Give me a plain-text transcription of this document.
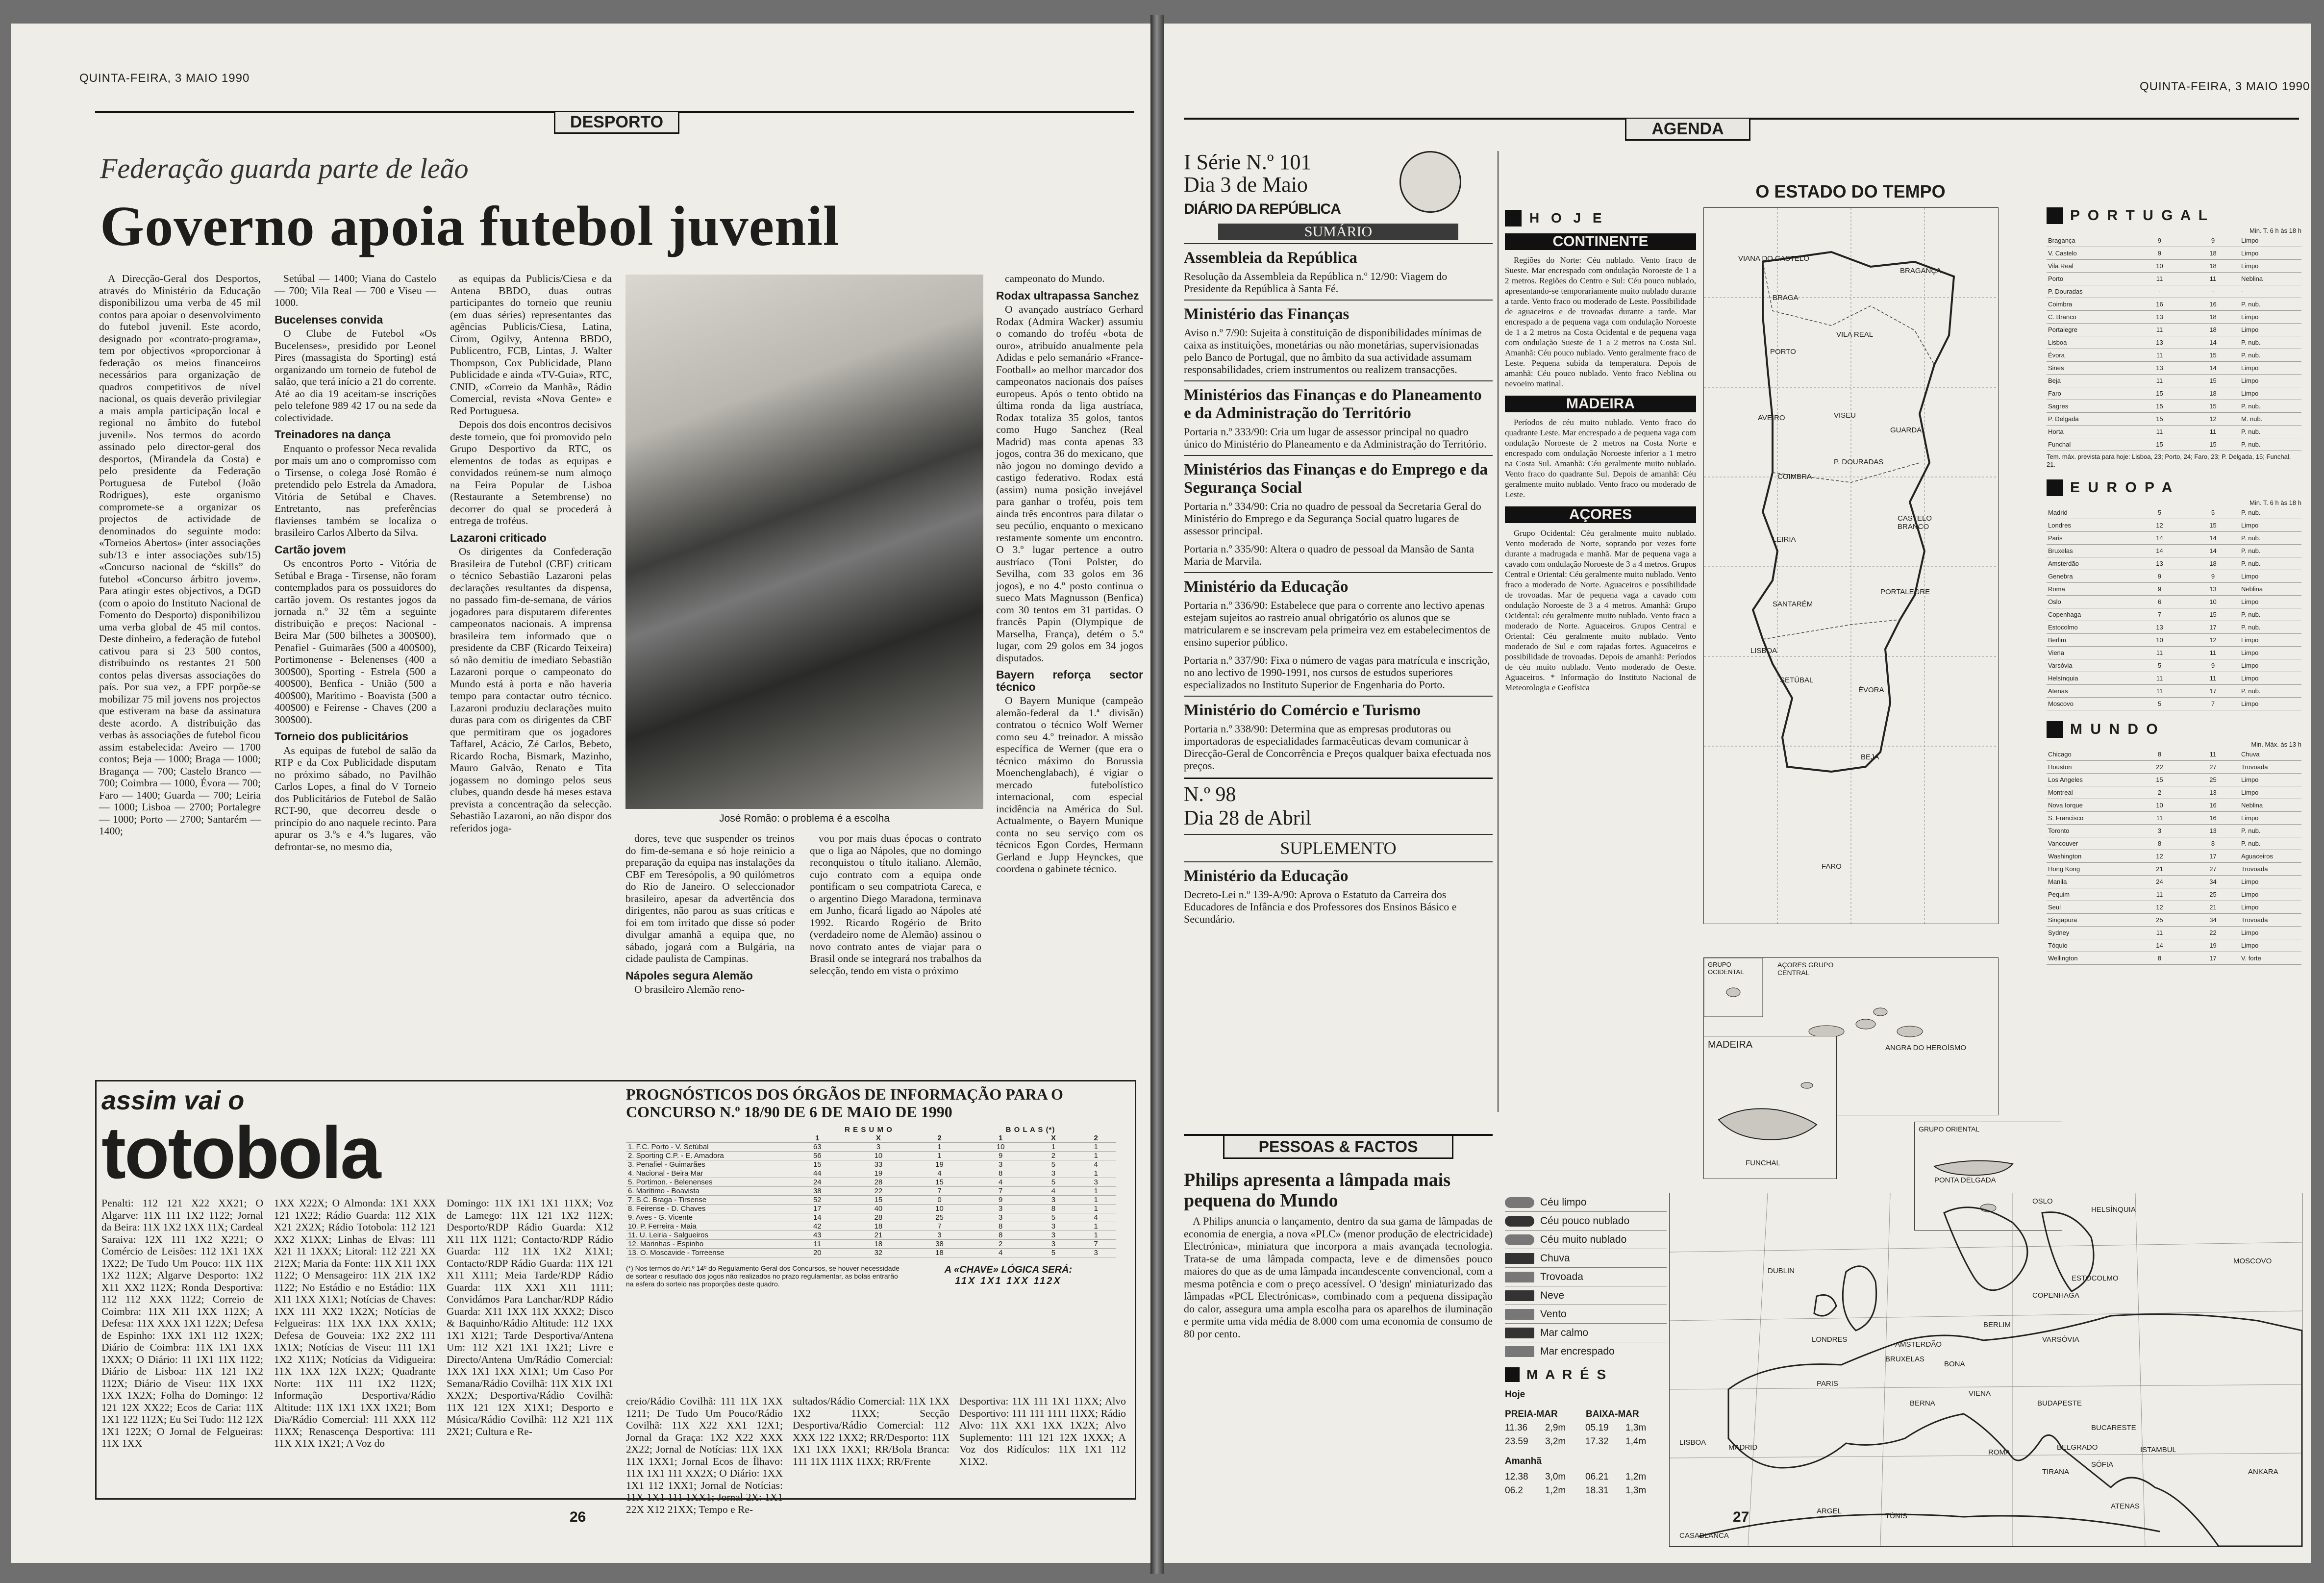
QUINTA-FEIRA, 3 MAIO 1990
DESPORTO
Federação guarda parte de leão
Governo apoia futebol juvenil

A Direcção-Geral dos Desportos, através do Ministério da Educação disponibilizou uma verba de 45 mil contos para apoiar o desenvolvimento do futebol juvenil. Este acordo, designado por «contrato-programa», tem por objectivos «proporcionar à federação os meios financeiros necessários para organização de quadros competitivos de nível nacional, os quais deverão privilegiar a mais ampla participação local e regional no âmbito do futebol juvenil». Nos termos do acordo assinado pelo director-geral dos desportos, (Mirandela da Costa) e pelo presidente da Federação Portuguesa de Futebol (João Rodrigues), este organismo compromete-se a organizar os projectos de actividade de denominados do seguinte modo: «Torneios Abertos» (inter associações sub/13 e inter associações sub/15) «Concurso nacional de “skills” do futebol «Concurso árbitro jovem». Para atingir estes objectivos, a DGD (com o apoio do Instituto Nacional de Fomento do Desporto) disponibilizou uma verba global de 45 mil contos. Deste dinheiro, a federação de futebol cativou para si 23 500 contos, distribuindo os restantes 21 500 contos pelas diversas associações do país. Por sua vez, a FPF porpõe-se mobilizar 75 mil jovens nos projectos que estiveram na base da assinatura deste acordo. A distribuição das verbas às associações de futebol ficou assim estabelecida: Aveiro — 1700 contos; Beja — 1000; Braga — 1000; Bragança — 700; Castelo Branco — 700; Coimbra — 1000, Évora — 700; Faro — 1400; Guarda — 700; Leiria — 1000; Lisboa — 2700; Portalegre — 1000; Porto — 2700; Santarém — 1400;

Setúbal — 1400; Viana do Castelo — 700; Vila Real — 700 e Viseu — 1000.

Bucelenses convida

O Clube de Futebol «Os Bucelenses», presidido por Leonel Pires (massagista do Sporting) está organizando um torneio de futebol de salão, que terá início a 21 do corrente. Até ao dia 19 aceitam-se inscrições pelo telefone 989 42 17 ou na sede da colectividade.

Treinadores na dança

Enquanto o professor Neca revalida por mais um ano o compromisso com o Tirsense, o colega José Romão é pretendido pelo Estrela da Amadora, Vitória de Setúbal e Chaves. Entretanto, nas preferências flavienses também se localiza o brasileiro Carlos Alberto da Silva.

Cartão jovem

Os encontros Porto - Vitória de Setúbal e Braga - Tirsense, não foram contemplados para os possuidores do cartão jovem. Os restantes jogos da jornada n.º 32 têm a seguinte distribuição e preços: Nacional - Beira Mar (500 bilhetes a 300$00), Penafiel - Guimarães (500 a 400$00), Portimonense - Belenenses (400 a 300$00), Sporting - Estrela (500 a 400$00), Benfica - União (500 a 400$00), Marítimo - Boavista (500 a 400$00) e Feirense - Chaves (200 a 300$00).

Torneio dos publicitários

As equipas de futebol de salão da RTP e da Cox Publicidade disputam no próximo sábado, no Pavilhão Carlos Lopes, a final do V Torneio dos Publicitários de Futebol de Salão RCT-90, que decorreu desde o princípio do ano naquele recinto. Para apurar os 3.ºs e 4.ºs lugares, vão defrontar-se, no mesmo dia,

as equipas da Publicis/Ciesa e da Antena BBDO, duas outras participantes do torneio que reuniu (em duas séries) representantes das agências Publicis/Ciesa, Latina, Cirom, Ogilvy, Antenna BBDO, Publicentro, FCB, Lintas, J. Walter Thompson, Cox Publicidade, Plano Publicidade e ainda «TV-Guia», RTC, CNID, «Correio da Manhã», Rádio Comercial, revista «Nova Gente» e Red Portuguesa.

Depois dos dois encontros decisivos deste torneio, que foi promovido pelo Grupo Desportivo da RTC, os elementos de todas as equipas e convidados reúnem-se num almoço na Feira Popular de Lisboa (Restaurante a Setembrense) no decorrer do qual se procederá à entrega de troféus.

Lazaroni criticado

Os dirigentes da Confederação Brasileira de Futebol (CBF) criticam o técnico Sebastião Lazaroni pelas declarações resultantes da dispensa, no passado fim-de-semana, de vários jogadores para disputarem diferentes campeonatos nacionais. A imprensa brasileira tem informado que o presidente da CBF (Ricardo Teixeira) só não demitiu de imediato Sebastião Lazaroni porque o campeonato do Mundo está à porta e não haveria tempo para contactar outro técnico. Lazaroni produziu declarações muito duras para com os dirigentes da CBF que permitiram que os jogadores Taffarel, Acácio, Zé Carlos, Bebeto, Ricardo Rocha, Bismark, Mazinho, Mauro Galvão, Renato e Tita jogassem no domingo pelos seus clubes, quando desde há meses estava prevista a concentração da selecção. Sebastião Lazaroni, ao não dispor dos referidos joga-

José Romão: o problema é a escolha

dores, teve que suspender os treinos do fim-de-semana e só hoje reinicio a preparação da equipa nas instalações da CBF em Teresópolis, a 90 quilómetros do Rio de Janeiro. O seleccionador brasileiro, apesar da advertência dos dirigentes, não parou as suas críticas e foi em tom irritado que disse só poder divulgar amanhã a equipa que, no sábado, jogará com a Bulgária, na cidade paulista de Campinas.

Nápoles segura Alemão

O brasileiro Alemão reno-

vou por mais duas épocas o contrato que o liga ao Nápoles, que no domingo reconquistou o título italiano. Alemão, cujo contrato com a equipa onde pontificam o seu compatriota Careca, e o argentino Diego Maradona, terminava em Junho, ficará ligado ao Nápoles até 1992. Ricardo Rogério de Brito (verdadeiro nome de Alemão) assinou o novo contrato antes de viajar para o Brasil onde se integrará nos trabalhos da selecção, tendo em vista o próximo

campeonato do Mundo.

Rodax ultrapassa Sanchez

O avançado austríaco Gerhard Rodax (Admira Wacker) assumiu o comando do troféu «bota de ouro», atribuído anualmente pela Adidas e pelo semanário «France-Football» ao melhor marcador dos campeonatos nacionais dos países europeus. Após o tento obtido na última ronda da liga austríaca, Rodax totaliza 35 golos, tantos como Hugo Sanchez (Real Madrid) mas conta apenas 33 jogos, contra 36 do mexicano, que não jogou no domingo devido a castigo federativo. Rodax está (assim) numa posição invejável para ganhar o troféu, pois tem ainda três encontros para dilatar o seu pecúlio, enquanto o mexicano restamente somente um encontro. O 3.º lugar pertence a outro austríaco (Toni Polster, do Sevilha, com 33 golos em 36 jogos), e no 4.º posto continua o sueco Mats Magnusson (Benfica) com 30 tentos em 31 partidas. O francês Papin (Olympique de Marselha, França), detém o 5.º lugar, com 29 golos em 34 jogos disputados.

Bayern reforça sector técnico

O Bayern Munique (campeão alemão-federal da 1.ª divisão) contratou o técnico Wolf Werner como seu 4.º treinador. A missão específica de Werner (que era o técnico máximo do Borussia Moenchenglabach), é vigiar o mercado futebolístico internacional, com especial incidência na América do Sul. Actualmente, o Bayern Munique conta no seu serviço com os técnicos Egon Cordes, Hermann Gerland e Jupp Heynckes, que coordena o gabinete técnico.

assim vai o
totobola
PROGNÓSTICOS DOS ÓRGÃOS DE INFORMAÇÃO PARA O CONCURSO N.º 18/90 DE 6 DE MAIO DE 1990
R E S U M O	B O L A S (*)
	1	X	2	1	X	2
1. F.C. Porto - V. Setúbal	63	3	1	10	1	1
2. Sporting C.P. - E. Amadora	56	10	1	9	2	1
3. Penafiel - Guimarães	15	33	19	3	5	4
4. Nacional - Beira Mar	44	19	4	8	3	1
5. Portimon. - Belenenses	24	28	15	4	5	3
6. Marítimo - Boavista	38	22	7	7	4	1
7. S.C. Braga - Tirsense	52	15	0	9	3	1
8. Feirense - D. Chaves	17	40	10	3	8	1
9. Aves - G. Vicente	14	28	25	3	5	4
10. P. Ferreira - Maia	42	18	7	8	3	1
11. U. Leiria - Salgueiros	43	21	3	8	3	1
12. Marinhas - Espinho	11	18	38	2	3	7
13. O. Moscavide - Torreense	20	32	18	4	5	3
(*) Nos termos do Art.º 14º do Regulamento Geral dos Concursos, se houver necessidade de sortear o resultado dos jogos não realizados no prazo regulamentar, as bolas entrarão na esfera do sorteio nas proporções deste quadro.
A «CHAVE» LÓGICA SERÁ:
11X 1X1 1XX 112X

Penalti: 112 121 X22 XX21; O Algarve: 11X 111 1X2 1122; Jornal da Beira: 11X 1X2 1XX 11X; Cardeal Saraiva: 12X 111 1X2 X221; O Comércio de Leisões: 112 1X1 1XX 1X22; De Tudo Um Pouco: 11X 11X 1X2 112X; Algarve Desporto: 1X2 X11 XX2 112X; Ronda Desportiva: 112 112 XXX 1122; Correio de Coimbra: 11X X11 1XX 112X; A Defesa: 11X XXX 1X1 122X; Defesa de Espinho: 1XX 1X1 112 1X2X; Diário de Coimbra: 11X 1X1 1XX 1XXX; O Diário: 11 1X1 11X 1122; Diário de Lisboa: 11X 121 1X2 112X; Diário de Viseu: 11X 1XX 1XX 1X2X; Folha do Domingo: 12 121 12X XX22; Ecos de Caria: 11X 1X1 122 112X; Eu Sei Tudo: 112 12X 1X1 122X; O Jornal de Felgueiras: 11X 1XX

1XX X22X; O Almonda: 1X1 XXX 121 1X22; Rádio Guarda: 112 X1X X21 2X2X; Rádio Totobola: 112 121 XX2 X1XX; Linhas de Elvas: 111 X21 11 1XXX; Litoral: 112 221 XX 212X; Maria da Fonte: 11X X11 1XX 1122; O Mensageiro: 11X 21X 1X2 1122; No Estádio e no Estádio: 11X X11 1XX X1X1; Notícias de Chaves: 1XX 111 XX2 1X2X; Notícias de Felgueiras: 11X 1XX 1XX XX1X; Defesa de Gouveia: 1X2 2X2 111 1X1X; Notícias de Viseu: 111 1X1 1X2 X11X; Notícias da Vidigueira: 11X 1XX 12X 1X2X; Quadrante Norte: 11X 111 1X2 112X; Informação Desportiva/Rádio Altitude: 11X 1X1 1XX 1X21; Bom Dia/Rádio Comercial: 111 XXX 112 11XX; Renascença Desportiva: 111 11X X1X 1X21; A Voz do

Domingo: 11X 1X1 1X1 11XX; Voz de Lamego: 11X 121 1X2 112X; Desporto/RDP Rádio Guarda: X12 X11 11X 1121; Contacto/RDP Rádio Guarda: 112 11X 1X2 X1X1; Contacto/RDP Rádio Guarda: 11X 121 X11 X111; Meia Tarde/RDP Rádio Guarda: 11X XX1 X11 1111; Convidámos Para Lanchar/RDP Rádio Guarda: X11 1XX 11X XXX2; Disco & Baquinho/Rádio Altitude: 112 1XX 1X1 X121; Tarde Desportiva/Antena Um: 112 X21 1X1 1X21; Livre e Directo/Antena Um/Rádio Comercial: 1XX 1X1 1XX X1X1; Um Caso Por Semana/Rádio Covilhã: 11X X1X 1X1 XX2X; Desportiva/Rádio Covilhã: 11X 121 12X X1X1; Desporto e Música/Rádio Covilhã: 112 X21 11X 2X21; Cultura e Re-

creio/Rádio Covilhã: 111 11X 1XX 1211; De Tudo Um Pouco/Rádio Covilhã: 11X X22 XX1 12X1; Jornal da Graça: 1X2 X22 XXX 2X22; Jornal de Notícias: 11X 1XX 11X 1XX1; Jornal Ecos de Ílhavo: 11X 1X1 111 XX2X; O Diário: 1XX 1X1 112 1XX1; Jornal de Notícias: 11X 1X1 111 1XX1; Jornal 2X: 1X1 22X X12 21XX; Tempo e Re-

sultados/Rádio Comercial: 11X 1XX 1X2 11XX; Secção Desportiva/Rádio Comercial: 112 XXX 122 1XX2; RR/Desporto: 11X 1X1 1XX 1XX1; RR/Bola Branca: 111 11X 111X 11XX; RR/Frente

Desportiva: 11X 111 1X1 11XX; Alvo Desportivo: 111 111 1111 11XX; Rádio Alvo: 11X XX1 1XX 1X2X; Alvo Suplemento: 111 121 12X 1XXX; A Voz dos Ridículos: 11X 1X1 112 X1X2.

26
QUINTA-FEIRA, 3 MAIO 1990
AGENDA
I Série N.º 101
Dia 3 de Maio
DIÁRIO DA REPÚBLICA
SUMÁRIO
Assembleia da República
Resolução da Assembleia da República n.º 12/90: Viagem do Presidente da República à Santa Fé.
Ministério das Finanças
Aviso n.º 7/90: Sujeita à constituição de disponibilidades mínimas de caixa as instituições, monetárias ou não monetárias, supervisionadas pelo Banco de Portugal, que no âmbito da sua actividade assumam responsabilidades, criem instrumentos ou realizem transacções.
Ministérios das Finanças e do Planeamento e da Administração do Território
Portaria n.º 333/90: Cria um lugar de assessor principal no quadro único do Ministério do Planeamento e da Administração do Território.
Ministérios das Finanças e do Emprego e da Segurança Social
Portaria n.º 334/90: Cria no quadro de pessoal da Secretaria Geral do Ministério do Emprego e da Segurança Social quatro lugares de assessor principal.
Portaria n.º 335/90: Altera o quadro de pessoal da Mansão de Santa Maria de Marvila.
Ministério da Educação
Portaria n.º 336/90: Estabelece que para o corrente ano lectivo apenas estejam sujeitos ao rastreio anual obrigatório os alunos que se matricularem e se inscrevam pela primeira vez em estabelecimentos de ensino superior público.
Portaria n.º 337/90: Fixa o número de vagas para matrícula e inscrição, no ano lectivo de 1990-1991, nos cursos de estudos superiores especializados no Instituto Superior de Engenharia do Porto.
Ministério do Comércio e Turismo
Portaria n.º 338/90: Determina que as empresas produtoras ou importadoras de especialidades farmacêuticas devam comunicar à Direcção-Geral de Concorrência e Preços qualquer baixa efectuada nos preços.
N.º 98
Dia 28 de Abril
SUPLEMENTO
Ministério da Educação
Decreto-Lei n.º 139-A/90: Aprova o Estatuto da Carreira dos Educadores de Infância e dos Professores dos Ensinos Básico e Secundário.
PESSOAS & FACTOS
Philips apresenta a lâmpada mais pequena do Mundo

A Philips anuncia o lançamento, dentro da sua gama de lâmpadas de economia de energia, a nova «PLC» (menor produção de electricidade) Electrónica», miniatura que incorpora a mais avançada tecnologia. Trata-se de uma lâmpada compacta, leve e de dimensões pouco maiores do que as de uma lâmpada incandescente convencional, com a mesma potência e com o preço acessível. O 'design' miniaturizado das lâmpadas «PCL Electrónicas», combinado com a pequena dissipação do calor, assegura uma ampla escolha para os aparelhos de iluminação e permite uma vida média de 8.000 com uma economia de consumo de 80 por cento.

H O J E
CONTINENTE

Regiões do Norte: Céu nublado. Vento fraco de Sueste. Mar encrespado com ondulação Noroeste de 1 a 2 metros. Regiões do Centro e Sul: Céu pouco nublado, apresentando-se temporariamente muito nublado durante a tarde. Vento fraco ou moderado de Leste. Possibilidade de aguaceiros e de trovoadas durante a tarde. Mar encrespado a de pequena vaga com ondulação Noroeste de 1 a 2 metros na Costa Ocidental e de pequena vaga com ondulação Sueste de 1 a 2 metros na Costa Sul. Amanhã: Céu pouco nublado. Vento geralmente fraco de Leste. Pequena subida da temperatura. Depois de amanhã: Céu pouco nublado. Vento fraco Neblina ou nevoeiro matinal.

MADEIRA

Períodos de céu muito nublado. Vento fraco do quadrante Leste. Mar encrespado a de pequena vaga com ondulação Noroeste de 2 metros na Costa Norte e encrespado com ondulação Noroeste inferior a 1 metro na Costa Sul. Amanhã: Céu geralmente muito nublado. Vento fraco do quadrante Sul. Depois de amanhã: Céu geralmente muito nublado. Vento fraco ou moderado de Leste.

AÇORES

Grupo Ocidental: Céu geralmente muito nublado. Vento moderado de Norte, soprando por vezes forte durante a madrugada e manhã. Mar de pequena vaga a cavado com ondulação Noroeste de 3 a 4 metros. Grupos Central e Oriental: Céu geralmente muito nublado. Vento fraco a moderado de Norte. Aguaceiros e possibilidade de trovoadas. Mar de pequena vaga a cavado com ondulação Noroeste de 3 a 4 metros. Amanhã: Grupo Ocidental: céu geralmente muito nublado. Vento fraco a moderado de Norte. Aguaceiros. Grupos Central e Oriental: Céu geralmente muito nublado. Vento moderado de Sul e com rajadas fortes. Aguaceiros e possibilidade de trovoadas. Depois de amanhã: Períodos de céu muito nublado. Vento moderado de Oeste. Aguaceiros. * Informação do Instituto Nacional de Meteorologia e Geofísica

O ESTADO DO TEMPO
VIANA DO CASTELO
BRAGA
BRAGANÇA
VILA REAL
PORTO
AVEIRO	VISEU
GUARDA
COIMBRA
P. DOURADAS
CASTELO BRANCO
LEIRIA
PORTALEGRE
SANTARÉM
LISBOA
SETÚBAL
ÉVORA
BEJA
FARO
GRUPO OCIDENTAL
AÇORES GRUPO CENTRAL
ANGRA DO HEROÍSMO
MADEIRA
FUNCHAL
GRUPO ORIENTAL
PONTA DELGADA
P O R T U G A L
Min. T. 6 h às 18 h
Bragança	9	9	Limpo
V. Castelo	9	18	Limpo
Vila Real	10	18	Limpo
Porto	11	11	Neblina
P. Douradas	-	-	-
Coimbra	16	16	P. nub.
C. Branco	13	18	Limpo
Portalegre	11	18	Limpo
Lisboa	13	14	P. nub.
Évora	11	15	P. nub.
Sines	13	14	Limpo
Beja	11	15	Limpo
Faro	15	18	Limpo
Sagres	15	15	P. nub.
P. Delgada	15	12	M. nub.
Horta	11	11	P. nub.
Funchal	15	15	P. nub.
Tem. máx. prevista para hoje: Lisboa, 23; Porto, 24; Faro, 23; P. Delgada, 15; Funchal, 21.
E U R O P A
Min. T. 6 h às 18 h
Madrid	5	5	P. nub.
Londres	12	15	Limpo
Paris	14	14	P. nub.
Bruxelas	14	14	P. nub.
Amsterdão	13	18	P. nub.
Genebra	9	9	Limpo
Roma	9	13	Neblina
Oslo	6	10	Limpo
Copenhaga	7	15	P. nub.
Estocolmo	13	17	P. nub.
Berlim	10	12	Limpo
Viena	11	11	Limpo
Varsóvia	5	9	Limpo
Helsínquia	11	11	Limpo
Atenas	11	17	P. nub.
Moscovo	5	7	Limpo
M U N D O
Min. Máx. às 13 h
Chicago	8	11	Chuva
Houston	22	27	Trovoada
Los Angeles	15	25	Limpo
Montreal	2	13	Limpo
Nova Iorque	10	16	Neblina
S. Francisco	11	16	Limpo
Toronto	3	13	P. nub.
Vancouver	8	8	P. nub.
Washington	12	17	Aguaceiros
Hong Kong	21	27	Trovoada
Manila	24	34	Limpo
Pequim	11	25	Limpo
Seul	12	21	Limpo
Singapura	25	34	Trovoada
Sydney	11	22	Limpo
Tóquio	14	19	Limpo
Wellington	8	17	V. forte
Céu limpo
Céu pouco nublado
Céu muito nublado
Chuva
Trovoada
Neve
Vento
Mar calmo
Mar encrespado
M A R É S
Hoje
PREIA-MAR	BAIXA-MAR
11.36	2,9m	05.19	1,3m
23.59	3,2m	17.32	1,4m
Amanhã
12.38	3,0m	06.21	1,2m
06.2	1,2m	18.31	1,3m
OSLO
HELSÍNQUIA
ESTOCOLMO
MOSCOVO
DUBLIN
COPENHAGA
LONDRES
AMSTERDÃO
BERLIM
VARSÓVIA
BRUXELAS
BONA
PARIS
BERNA
VIENA
BUDAPESTE
MADRID
LISBOA
ROMA
BELGRADO
BUCARESTE
SÓFIA
ISTAMBUL
TIRANA	ANKARA
ATENAS
ARGEL
TÚNIS
CASABLANCA
27
